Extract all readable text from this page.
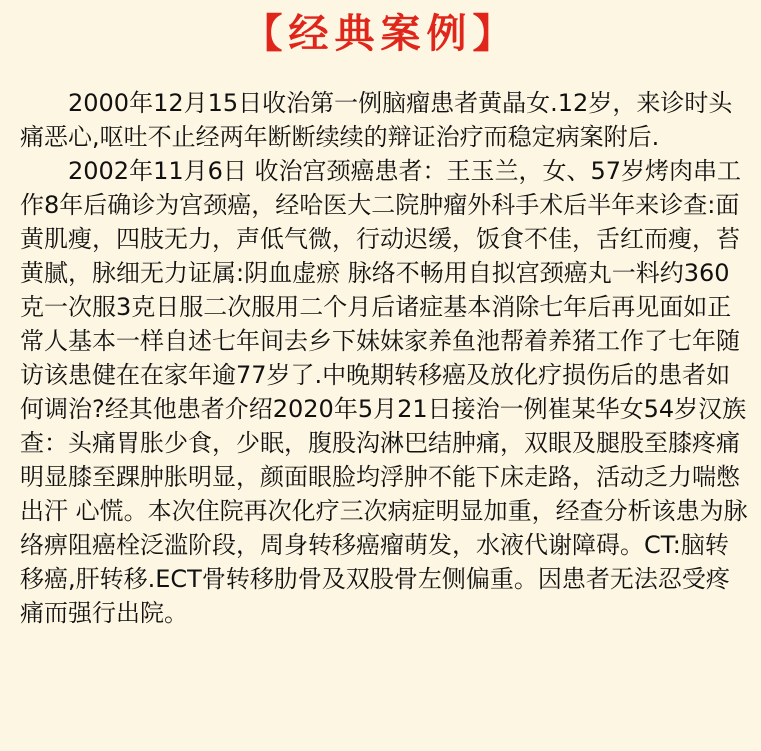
【经典案例】

2000年12月15日收治第一例脑瘤患者黄晶女.12岁，来诊时头痛恶心,呕吐不止经两年断断续续的辩证治疗而稳定病案附后.

2002年11月6日 收治宫颈癌患者：王玉兰，女、57岁烤肉串工作8年后确诊为宫颈癌，经哈医大二院肿瘤外科手术后半年来诊查:面黄肌瘦，四肢无力，声低气微，行动迟缓，饭食不佳，舌红而瘦，苔黄腻，脉细无力证属:阴血虚瘀 脉络不畅用自拟宫颈癌丸一料约360克一次服3克日服二次服用二个月后诸症基本消除七年后再见面如正常人基本一样自述七年间去乡下妹妹家养鱼池帮着养猪工作了七年随访该患健在在家年逾77岁了.中晚期转移癌及放化疗损伤后的患者如何调治?经其他患者介绍2020年5月21日接治一例崔某华女54岁汉族查：头痛胃胀少食，少眠，腹股沟淋巴结肿痛，双眼及腿股至膝疼痛明显膝至踝肿胀明显，颜面眼脸均浮肿不能下床走路，活动乏力喘憋出汗 心慌。本次住院再次化疗三次病症明显加重，经查分析该患为脉络痹阻癌栓泛滥阶段，周身转移癌瘤萌发，水液代谢障碍。CT:脑转移癌,肝转移.ECT骨转移肋骨及双股骨左侧偏重。因患者无法忍受疼痛而强行出院。
